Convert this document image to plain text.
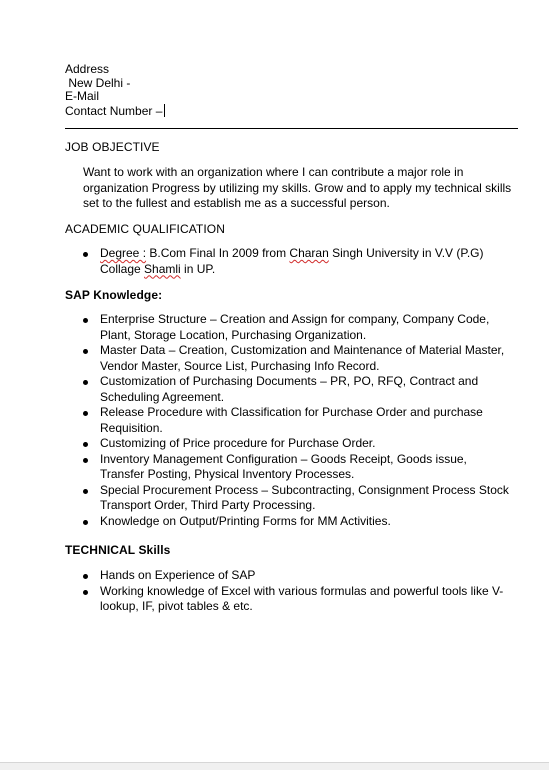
Address
New Delhi -
E-Mail
Contact Number –
JOB OBJECTIVE
Want to work with an organization where I can contribute a major role in organization Progress by utilizing my skills. Grow and to apply my technical skills set to the fullest and establish me as a successful person.
ACADEMIC QUALIFICATION
Degree : B.Com Final In 2009 from Charan Singh University in V.V (P.G) Collage Shamli in UP.
SAP Knowledge:
Enterprise Structure – Creation and Assign for company, Company Code, Plant, Storage Location, Purchasing Organization.
Master Data – Creation, Customization and Maintenance of Material Master, Vendor Master, Source List, Purchasing Info Record.
Customization of Purchasing Documents – PR, PO, RFQ, Contract and Scheduling Agreement.
Release Procedure with Classification for Purchase Order and purchase Requisition.
Customizing of Price procedure for Purchase Order.
Inventory Management Configuration – Goods Receipt, Goods issue, Transfer Posting, Physical Inventory Processes.
Special Procurement Process – Subcontracting, Consignment Process Stock Transport Order, Third Party Processing.
Knowledge on Output/Printing Forms for MM Activities.
TECHNICAL Skills
Hands on Experience of SAP
Working knowledge of Excel with various formulas and powerful tools like V-lookup, IF, pivot tables & etc.
